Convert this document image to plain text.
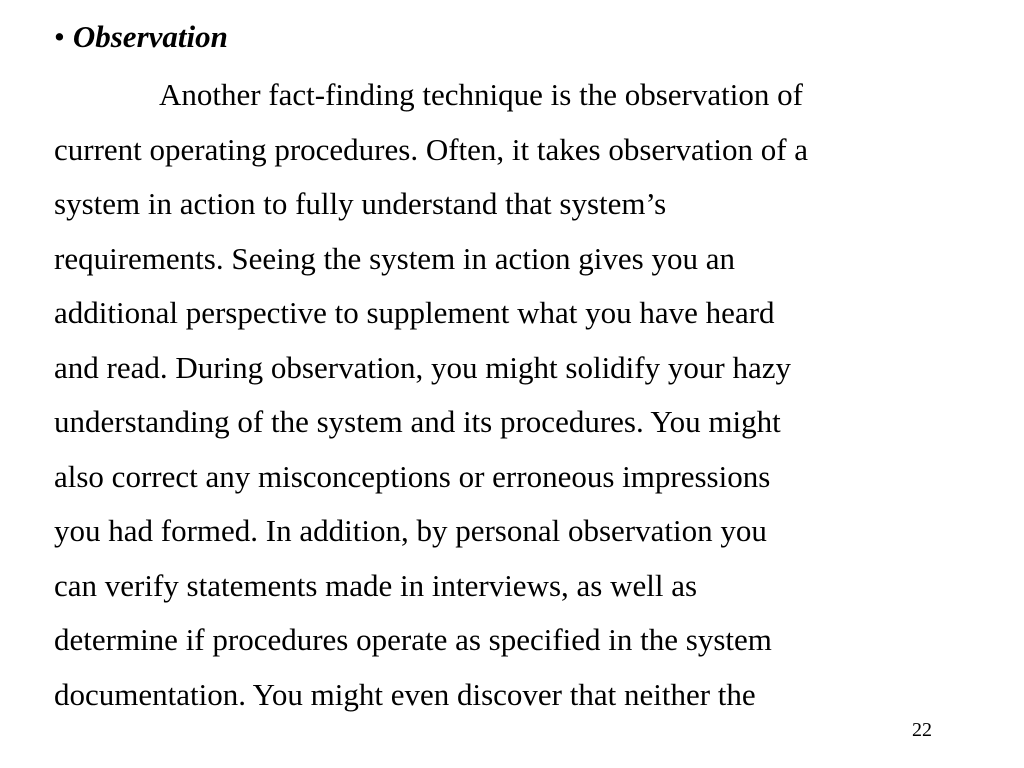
• Observation
Another fact-finding technique is the observation of
current operating procedures. Often, it takes observation of a
system in action to fully understand that system’s
requirements. Seeing the system in action gives you an
additional perspective to supplement what you have heard
and read. During observation, you might solidify your hazy
understanding of the system and its procedures. You might
also correct any misconceptions or erroneous impressions
you had formed. In addition, by personal observation you
can verify statements made in interviews, as well as
determine if procedures operate as specified in the system
documentation. You might even discover that neither the
22
